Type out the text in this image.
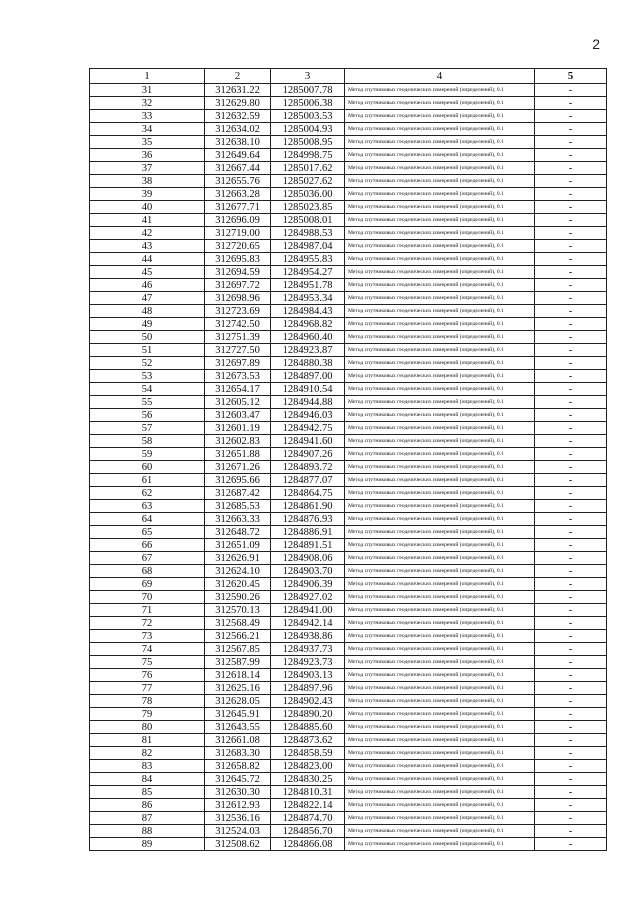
2
1	2	3	4	5
31	312631.22	1285007.78	Метод спутниковых геодезических измерений (определений), 0.1	-
32	312629.80	1285006.38	Метод спутниковых геодезических измерений (определений), 0.1	-
33	312632.59	1285003.53	Метод спутниковых геодезических измерений (определений), 0.1	-
34	312634.02	1285004.93	Метод спутниковых геодезических измерений (определений), 0.1	-
35	312638.10	1285008.95	Метод спутниковых геодезических измерений (определений), 0.1	-
36	312649.64	1284998.75	Метод спутниковых геодезических измерений (определений), 0.1	-
37	312667.44	1285017.62	Метод спутниковых геодезических измерений (определений), 0.1	-
38	312655.76	1285027.62	Метод спутниковых геодезических измерений (определений), 0.1	-
39	312663.28	1285036.00	Метод спутниковых геодезических измерений (определений), 0.1	-
40	312677.71	1285023.85	Метод спутниковых геодезических измерений (определений), 0.1	-
41	312696.09	1285008.01	Метод спутниковых геодезических измерений (определений), 0.1	-
42	312719.00	1284988.53	Метод спутниковых геодезических измерений (определений), 0.1	-
43	312720.65	1284987.04	Метод спутниковых геодезических измерений (определений), 0.1	-
44	312695.83	1284955.83	Метод спутниковых геодезических измерений (определений), 0.1	-
45	312694.59	1284954.27	Метод спутниковых геодезических измерений (определений), 0.1	-
46	312697.72	1284951.78	Метод спутниковых геодезических измерений (определений), 0.1	-
47	312698.96	1284953.34	Метод спутниковых геодезических измерений (определений), 0.1	-
48	312723.69	1284984.43	Метод спутниковых геодезических измерений (определений), 0.1	-
49	312742.50	1284968.82	Метод спутниковых геодезических измерений (определений), 0.1	-
50	312751.39	1284960.40	Метод спутниковых геодезических измерений (определений), 0.1	-
51	312727.50	1284923.87	Метод спутниковых геодезических измерений (определений), 0.1	-
52	312697.89	1284880.38	Метод спутниковых геодезических измерений (определений), 0.1	-
53	312673.53	1284897.00	Метод спутниковых геодезических измерений (определений), 0.1	-
54	312654.17	1284910.54	Метод спутниковых геодезических измерений (определений), 0.1	-
55	312605.12	1284944.88	Метод спутниковых геодезических измерений (определений), 0.1	-
56	312603.47	1284946.03	Метод спутниковых геодезических измерений (определений), 0.1	-
57	312601.19	1284942.75	Метод спутниковых геодезических измерений (определений), 0.1	-
58	312602.83	1284941.60	Метод спутниковых геодезических измерений (определений), 0.1	-
59	312651.88	1284907.26	Метод спутниковых геодезических измерений (определений), 0.1	-
60	312671.26	1284893.72	Метод спутниковых геодезических измерений (определений), 0.1	-
61	312695.66	1284877.07	Метод спутниковых геодезических измерений (определений), 0.1	-
62	312687.42	1284864.75	Метод спутниковых геодезических измерений (определений), 0.1	-
63	312685.53	1284861.90	Метод спутниковых геодезических измерений (определений), 0.1	-
64	312663.33	1284876.93	Метод спутниковых геодезических измерений (определений), 0.1	-
65	312648.72	1284886.91	Метод спутниковых геодезических измерений (определений), 0.1	-
66	312651.09	1284891.51	Метод спутниковых геодезических измерений (определений), 0.1	-
67	312626.91	1284908.06	Метод спутниковых геодезических измерений (определений), 0.1	-
68	312624.10	1284903.70	Метод спутниковых геодезических измерений (определений), 0.1	-
69	312620.45	1284906.39	Метод спутниковых геодезических измерений (определений), 0.1	-
70	312590.26	1284927.02	Метод спутниковых геодезических измерений (определений), 0.1	-
71	312570.13	1284941.00	Метод спутниковых геодезических измерений (определений), 0.1	-
72	312568.49	1284942.14	Метод спутниковых геодезических измерений (определений), 0.1	-
73	312566.21	1284938.86	Метод спутниковых геодезических измерений (определений), 0.1	-
74	312567.85	1284937.73	Метод спутниковых геодезических измерений (определений), 0.1	-
75	312587.99	1284923.73	Метод спутниковых геодезических измерений (определений), 0.1	-
76	312618.14	1284903.13	Метод спутниковых геодезических измерений (определений), 0.1	-
77	312625.16	1284897.96	Метод спутниковых геодезических измерений (определений), 0.1	-
78	312628.05	1284902.43	Метод спутниковых геодезических измерений (определений), 0.1	-
79	312645.91	1284890.20	Метод спутниковых геодезических измерений (определений), 0.1	-
80	312643.55	1284885.60	Метод спутниковых геодезических измерений (определений), 0.1	-
81	312661.08	1284873.62	Метод спутниковых геодезических измерений (определений), 0.1	-
82	312683.30	1284858.59	Метод спутниковых геодезических измерений (определений), 0.1	-
83	312658.82	1284823.00	Метод спутниковых геодезических измерений (определений), 0.1	-
84	312645.72	1284830.25	Метод спутниковых геодезических измерений (определений), 0.1	-
85	312630.30	1284810.31	Метод спутниковых геодезических измерений (определений), 0.1	-
86	312612.93	1284822.14	Метод спутниковых геодезических измерений (определений), 0.1	-
87	312536.16	1284874.70	Метод спутниковых геодезических измерений (определений), 0.1	-
88	312524.03	1284856.70	Метод спутниковых геодезических измерений (определений), 0.1	-
89	312508.62	1284866.08	Метод спутниковых геодезических измерений (определений), 0.1	-
